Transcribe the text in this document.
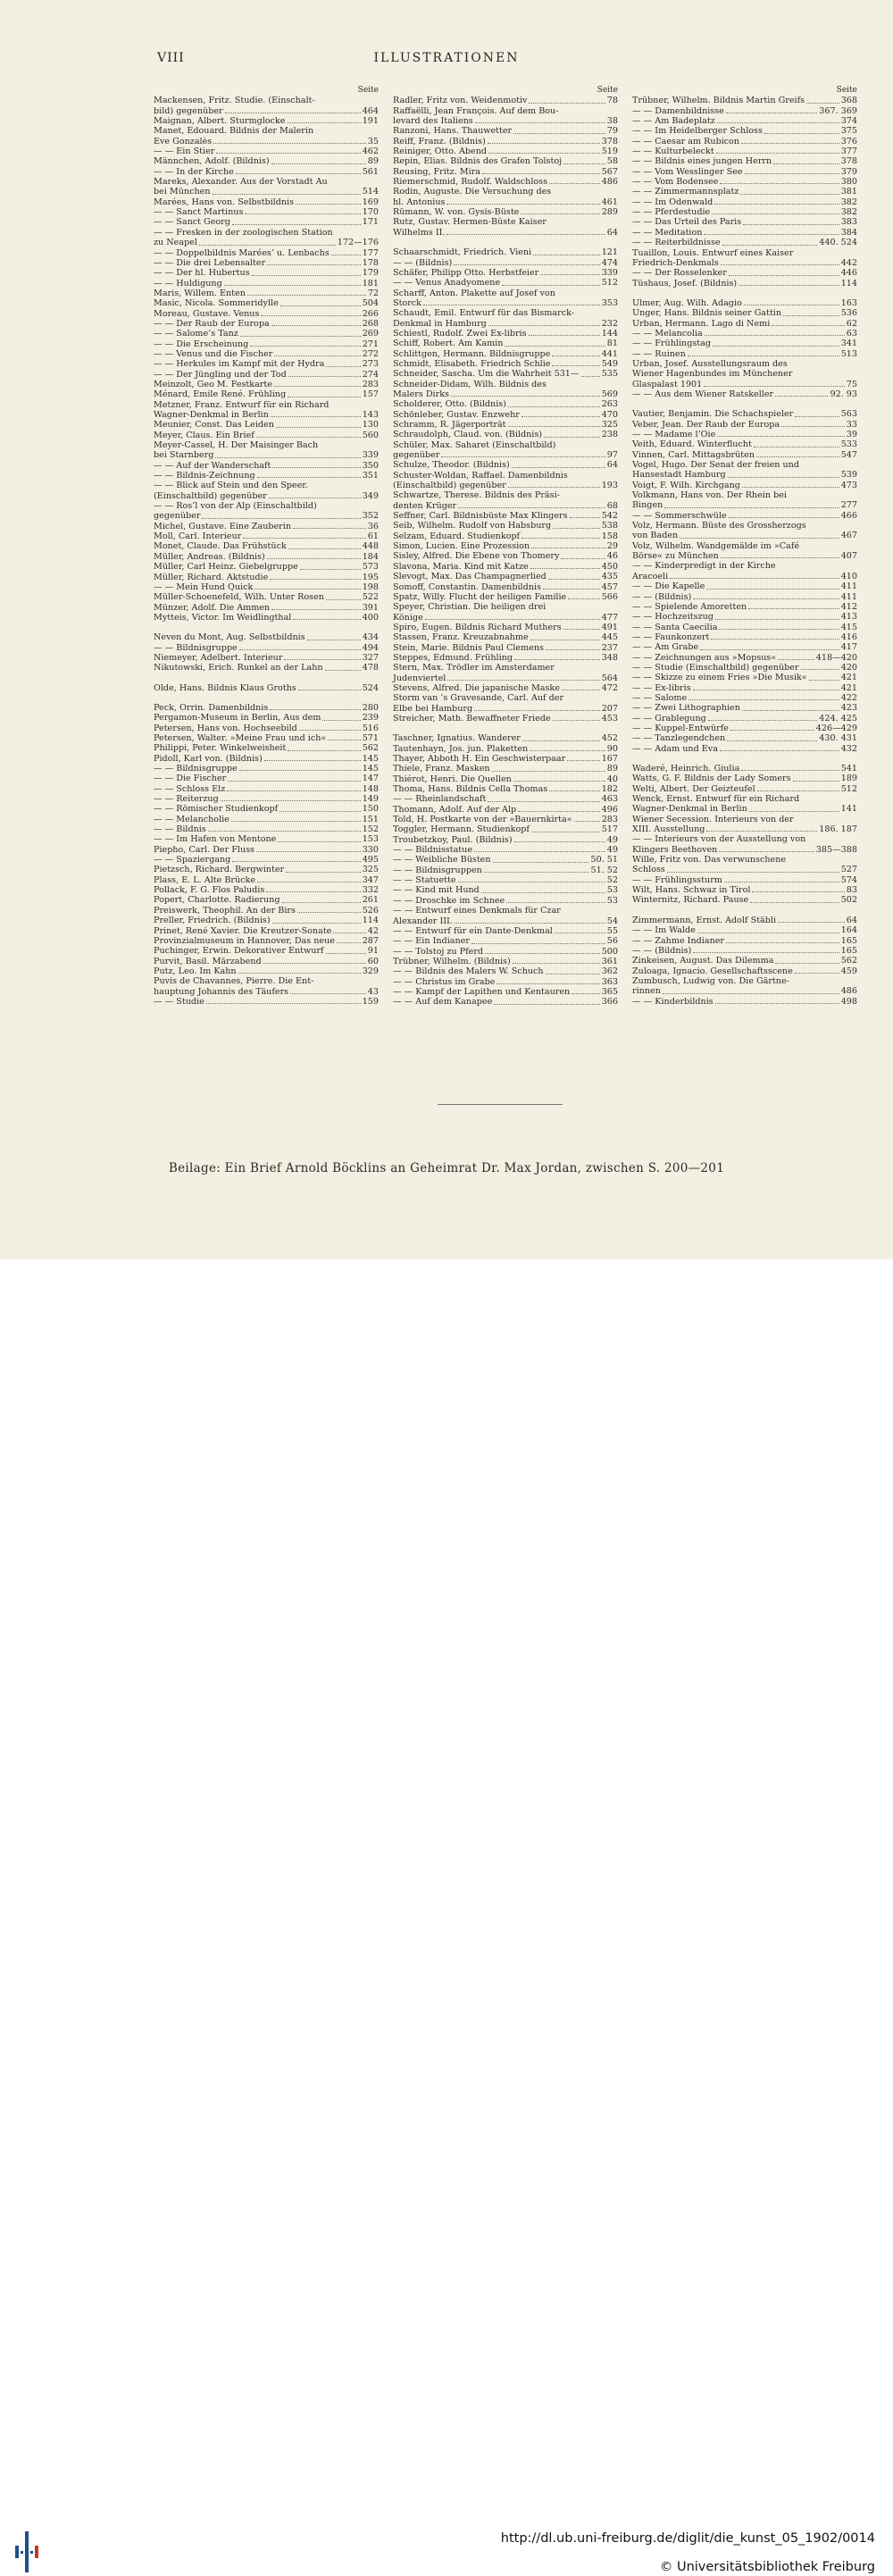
VIII	ILLUSTRATIONEN
Seite
Mackensen, Fritz. Studie. (Einschalt-
bild) gegenüber	464
Maignan, Albert. Sturmglocke	191
Manet, Edouard. Bildnis der Malerin
Eve Gonzalès	35
— — Ein Stier	462
Männchen, Adolf. (Bildnis)	89
— — In der Kirche	561
Mareks, Alexander. Aus der Vorstadt Au
bei München	514
Marées, Hans von. Selbstbildnis	169
— — Sanct Martinus	170
— — Sanct Georg	171
— — Fresken in der zoologischen Station
zu Neapel	172—176
— — Doppelbildnis Marées’ u. Lenbachs	177
— — Die drei Lebensalter	178
— — Der hl. Hubertus	179
— — Huldigung	181
Maris, Willem. Enten	72
Masic, Nicola. Sommeridylle	504
Moreau, Gustave. Venus	266
— — Der Raub der Europa	268
— — Salome’s Tanz	269
— — Die Erscheinung	271
— — Venus und die Fischer	272
— — Herkules im Kampf mit der Hydra	273
— — Der Jüngling und der Tod	274
Meinzolt, Geo M. Festkarte	283
Ménard, Emile René. Frühling	157
Metzner, Franz. Entwurf für ein Richard
Wagner-Denkmal in Berlin	143
Meunier, Const. Das Leiden	130
Meyer, Claus. Ein Brief	560
Meyer-Cassel, H. Der Maisinger Bach
bei Starnberg	339
— — Auf der Wanderschaft	350
— — Bildnis-Zeichnung	351
— — Blick auf Stein und den Speer.
(Einschaltbild) gegenüber	349
— — Ros’l von der Alp (Einschaltbild)
gegenüber	352
Michel, Gustave. Eine Zauberin	36
Moll, Carl. Interieur	61
Monet, Claude. Das Frühstück	448
Müller, Andreas. (Bildnis)	184
Müller, Carl Heinz. Giebelgruppe	573
Müller, Richard. Aktstudie	195
— — Mein Hund Quick	198
Müller-Schoenefeld, Wilh. Unter Rosen	522
Münzer, Adolf. Die Ammen	391
Mytteis, Victor. Im Weidlingthal	400
Neven du Mont, Aug. Selbstbildnis	434
— — Bildnisgruppe	494
Niemeyer, Adelbert. Interieur	327
Nikutowski, Erich. Runkel an der Lahn	478
Olde, Hans. Bildnis Klaus Groths	524
Peck, Orrin. Damenbildnis	280
Pergamon-Museum in Berlin, Aus dem	239
Petersen, Hans von. Hochseebild	516
Petersen, Walter. »Meine Frau und ich«	571
Philippi, Peter. Winkelweisheit	562
Pidoll, Karl von. (Bildnis)	145
— — Bildnisgruppe	145
— — Die Fischer	147
— — Schloss Elz	148
— — Reiterzug	149
— — Römischer Studienkopf	150
— — Melancholie	151
— — Bildnis	152
— — Im Hafen von Mentone	153
Piepho, Carl. Der Fluss	330
— — Spaziergang	495
Pietzsch, Richard. Bergwinter	325
Plass, E. L. Alte Brücke	347
Pollack, F. G. Flos Paludis	332
Popert, Charlotte. Radierung	261
Preiswerk, Theophil. An der Birs	526
Preller, Friedrich. (Bildnis)	114
Prinet, René Xavier. Die Kreutzer-Sonate	42
Provinzialmuseum in Hannover, Das neue	287
Puchinger, Erwin. Dekorativer Entwurf	91
Purvit, Basil. Märzabend	60
Putz, Leo. Im Kahn	329
Puvis de Chavannes, Pierre. Die Ent-
hauptung Johannis des Täufers	43
— — Studie	159
Seite
Radler, Fritz von. Weidenmotiv	78
Raffaëlli, Jean François. Auf dem Bou-
levard des Italiens	38
Ranzoni, Hans. Thauwetter	79
Reiff, Franz. (Bildnis)	378
Reiniger, Otto. Abend	519
Repin, Elias. Bildnis des Grafen Tolstoj	58
Reusing, Fritz. Mira	567
Riemerschmid, Rudolf. Waldschloss	486
Rodin, Auguste. Die Versuchung des
hl. Antonius	461
Rümann, W. von. Gysis-Büste	289
Rutz, Gustav. Hermen-Büste Kaiser
Wilhelms II.	64
Schaarschmidt, Friedrich. Vieni	121
— — (Bildnis)	474
Schäfer, Philipp Otto. Herbstfeier	339
— — Venus Anadyomene	512
Scharff, Anton. Plakette auf Josef von
Storck	353
Schaudt, Emil. Entwurf für das Bismarck-
Denkmal in Hamburg	232
Schiestl, Rudolf. Zwei Ex-libris	144
Schiff, Robert. Am Kamin	81
Schlittgen, Hermann. Bildnisgruppe	441
Schmidt, Elisabeth. Friedrich Schlie	549
Schneider, Sascha. Um die Wahrheit 531—	535
Schneider-Didam, Wilh. Bildnis des
Malers Dirks	569
Scholderer, Otto. (Bildnis)	263
Schönleber, Gustav. Enzwehr	470
Schramm, R. Jägerporträt	325
Schraudolph, Claud. von. (Bildnis)	238
Schüler, Max. Saharet (Einschaltbild)
gegenüber	97
Schulze, Theodor. (Bildnis)	64
Schuster-Woldan, Raffael. Damenbildnis
(Einschaltbild) gegenüber	193
Schwartze, Therese. Bildnis des Präsi-
denten Krüger	68
Seffner, Carl. Bildnisbüste Max Klingers	542
Seib, Wilhelm. Rudolf von Habsburg	538
Selzam, Eduard. Studienkopf	158
Simon, Lucien. Eine Prozession	29
Sisley, Alfred. Die Ebene von Thomery	46
Slavona, Maria. Kind mit Katze	450
Slevogt, Max. Das Champagnerlied	435
Somoff, Constantin. Damenbildnis	457
Spatz, Willy. Flucht der heiligen Familie	566
Speyer, Christian. Die heiligen drei
Könige	477
Spiro, Eugen. Bildnis Richard Muthers	491
Stassen, Franz. Kreuzabnahme	445
Stein, Marie. Bildnis Paul Clemens	237
Steppes, Edmund. Frühling	348
Stern, Max. Trödler im Amsterdamer
Judenviertel	564
Stevens, Alfred. Die japanische Maske	472
Storm van ’s Gravesande, Carl. Auf der
Elbe bei Hamburg	207
Streicher, Math. Bewaffneter Friede	453
Taschner, Ignatius. Wanderer	452
Tautenhayn, Jos. jun. Plaketten	90
Thayer, Abboth H. Ein Geschwisterpaar	167
Thiele, Franz. Masken	89
Thiérot, Henri. Die Quellen	40
Thoma, Hans. Bildnis Cella Thomas	182
— — Rheinlandschaft	463
Thomann, Adolf. Auf der Alp	496
Told, H. Postkarte von der »Bauernkirta«	283
Toggler, Hermann. Studienkopf	517
Troubetzkoy, Paul. (Bildnis)	49
— — Bildnisstatue	49
— — Weibliche Büsten	50. 51
— — Bildnisgruppen	51. 52
— — Statuette	52
— — Kind mit Hund	53
— — Droschke im Schnee	53
— — Entwurf eines Denkmals für Czar
Alexander III.	54
— — Entwurf für ein Dante-Denkmal	55
— — Ein Indianer	56
— — Tolstoj zu Pferd	500
Trübner, Wilhelm. (Bildnis)	361
— — Bildnis des Malers W. Schuch	362
— — Christus im Grabe	363
— — Kampf der Lapithen und Kentauren	365
— — Auf dem Kanapee	366
Seite
Trübner, Wilhelm. Bildnis Martin Greifs	368
— — Damenbildnisse	367. 369
— — Am Badeplatz	374
— — Im Heidelberger Schloss	375
— — Caesar am Rubicon	376
— — Kulturbeleckt	377
— — Bildnis eines jungen Herrn	378
— — Vom Wesslinger See	379
— — Vom Bodensee	380
— — Zimmermannsplatz	381
— — Im Odenwald	382
— — Pferdestudie	382
— — Das Urteil des Paris	383
— — Meditation	384
— — Reiterbildnisse	440. 524
Tuaillon, Louis. Entwurf eines Kaiser
Friedrich-Denkmals	442
— — Der Rosselenker	446
Tüshaus, Josef. (Bildnis)	114
Ulmer, Aug. Wilh. Adagio	163
Unger, Hans. Bildnis seiner Gattin	536
Urban, Hermann. Lago di Nemi	62
— — Melancolia	63
— — Frühlingstag	341
— — Ruinen	513
Urban, Josef. Ausstellungsraum des
Wiener Hagenbundes im Münchener
Glaspalast 1901	75
— — Aus dem Wiener Ratskeller	92. 93
Vautier, Benjamin. Die Schachspieler	563
Veber, Jean. Der Raub der Europa	33
— — Madame l’Oie	39
Veith, Eduard. Winterflucht	533
Vinnen, Carl. Mittagsbrüten	547
Vogel, Hugo. Der Senat der freien und
Hansestadt Hamburg	539
Voigt, F. Wilh. Kirchgang	473
Volkmann, Hans von. Der Rhein bei
Bingen	277
— — Sommerschwüle	466
Volz, Hermann. Büste des Grossherzogs
von Baden	467
Volz, Wilhelm. Wandgemälde im »Café
Börse« zu München	407
— — Kinderpredigt in der Kirche
Aracoeli	410
— — Die Kapelle	411
— — (Bildnis)	411
— — Spielende Amoretten	412
— — Hochzeitszug	413
— — Santa Caecilia	415
— — Faunkonzert	416
— — Am Grabe	417
— — Zeichnungen aus »Mopsus«	418—420
— — Studie (Einschaltbild) gegenüber	420
— — Skizze zu einem Fries »Die Musik«	421
— — Ex-libris	421
— — Salome	422
— — Zwei Lithographien	423
— — Grablegung	424. 425
— — Kuppel-Entwürfe	426—429
— — Tanzlegendchen	430. 431
— — Adam und Eva	432
Waderé, Heinrich. Giulia	541
Watts, G. F. Bildnis der Lady Somers	189
Welti, Albert. Der Geizteufel	512
Wenck, Ernst. Entwurf für ein Richard
Wagner-Denkmal in Berlin	141
Wiener Secession. Interieurs von der
XIII. Ausstellung	186. 187
— — Interieurs von der Ausstellung von
Klingers Beethoven	385—388
Wille, Fritz von. Das verwunschene
Schloss	527
— — Frühlingssturm	574
Wilt, Hans. Schwaz in Tirol	83
Winternitz, Richard. Pause	502
Zimmermann, Ernst. Adolf Stäbli	64
— — Im Walde	164
— — Zahme Indianer	165
— — (Bildnis)	165
Zinkeisen, August. Das Dilemma	562
Zuloaga, Ignacio. Gesellschaftsscene	459
Zumbusch, Ludwig von. Die Gärtne-
rinnen	486
— — Kinderbildnis	498
Beilage: Ein Brief Arnold Böcklins an Geheimrat Dr. Max Jordan, zwischen S. 200—201
http://dl.ub.uni-freiburg.de/diglit/die_kunst_05_1902/0014
© Universitätsbibliothek Freiburg
